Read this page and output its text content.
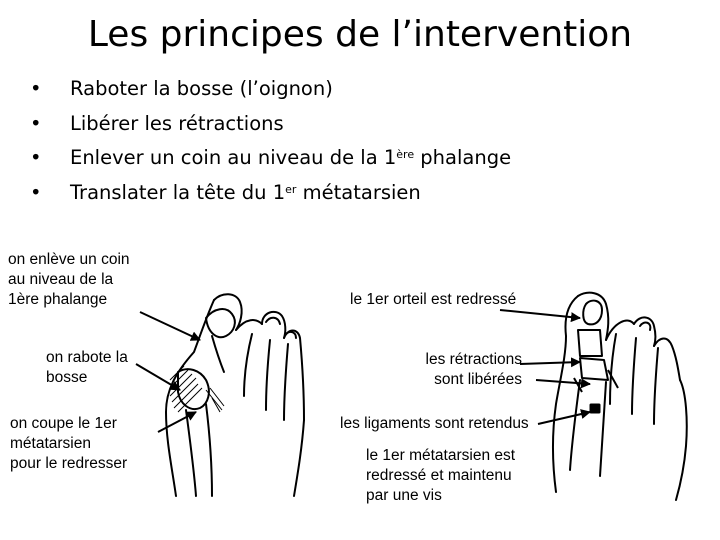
Les principes de l’intervention
• Raboter la bosse (l’oignon)
• Libérer les rétractions
• Enlever un coin au niveau de la 1ère phalange
• Translater la tête du 1er métatarsien
on enlève un coin
au niveau de la
1ère phalange
on rabote la
bosse
on coupe le 1er
métatarsien
pour le redresser
le 1er orteil est redressé
les rétractions
sont libérées
les ligaments sont retendus
le 1er métatarsien est
redressé et maintenu
par une vis
